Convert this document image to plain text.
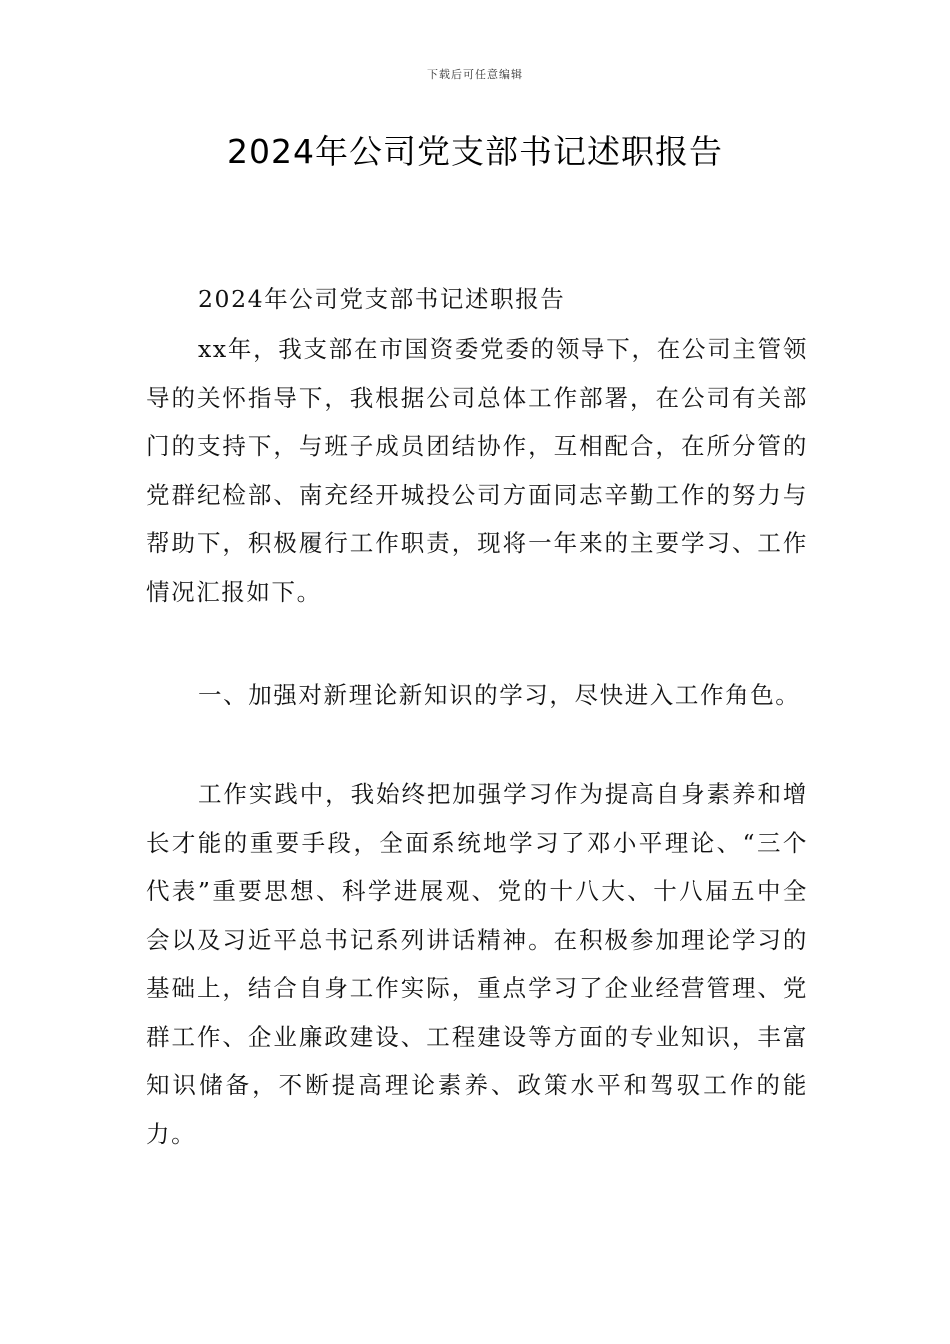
下载后可任意编辑
2024年公司党支部书记述职报告

2024年公司党支部书记述职报告

xx年，我支部在市国资委党委的领导下，在公司主管领导的关怀指导下，我根据公司总体工作部署，在公司有关部门的支持下，与班子成员团结协作，互相配合，在所分管的党群纪检部、南充经开城投公司方面同志辛勤工作的努力与帮助下，积极履行工作职责，现将一年来的主要学习、工作情况汇报如下。

一、加强对新理论新知识的学习，尽快进入工作角色。

工作实践中，我始终把加强学习作为提高自身素养和增长才能的重要手段，全面系统地学习了邓小平理论、“三个代表”重要思想、科学进展观、党的十八大、十八届五中全会以及习近平总书记系列讲话精神。在积极参加理论学习的基础上，结合自身工作实际，重点学习了企业经营管理、党群工作、企业廉政建设、工程建设等方面的专业知识，丰富知识储备，不断提高理论素养、政策水平和驾驭工作的能力。
